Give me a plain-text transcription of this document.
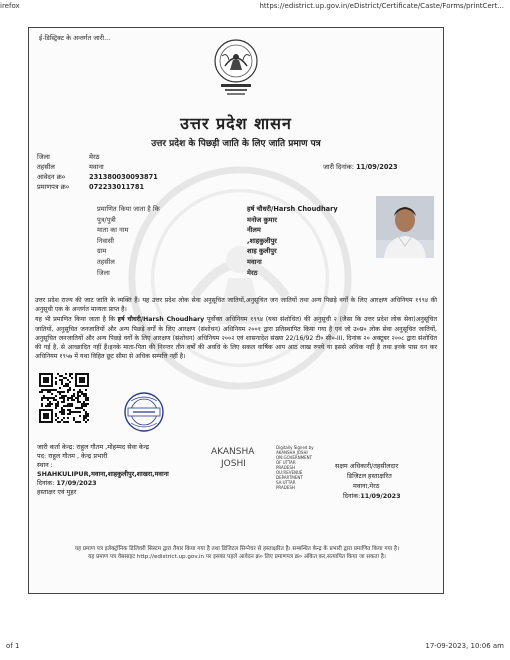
irefox	https://edistrict.up.gov.in/eDistrict/Certificate/Caste/Forms/printCert...
ई-डिस्ट्रिक्ट के अन्तर्गत जारी...
उत्तर प्रदेश शासन
उत्तर प्रदेश के पिछड़ी जाति के लिए जाति प्रमाण पत्र
जिला	मेरठ
तहसील	मवाना
आवेदन क्र०	231380030093871
प्रमाणपत्र क्र०	072233011781
जारी दिनांक: 11/09/2023
प्रमाणित किया जाता है कि	हर्ष चौधरी/Harsh Choudhary
पुत्र/पुत्री	मनोज कुमार
माता का नाम	नीलम
निवासी	,शाहकुलीपुर
ग्राम	शाह कुलीपुर
तहसील	मवाना
जिला	मेरठ

उत्तर प्रदेश राज्य की जाट जाति के व्यक्ति हैं। यह उत्तर प्रदेश लोक सेवा अनुसूचित जातियों,अनुसूचित जन जातियों तथा अन्य पिछड़े वर्गों के लिए आरक्षण अधिनियम १९९४ की अनुसूची एक के अन्तर्गत मान्यता प्राप्त है।

यह भी प्रमाणित किया जाता है कि हर्ष चौधरी/Harsh Choudhary पूर्वोक्त अधिनियम १९९४ (यथा संशोधित) की अनुसूची २ (जैसा कि उत्तर प्रदेश लोक सेवा)अनुसूचित जातियों, अनुसूचित जनजातियों और अन्य पिछड़े वर्गों के लिए आरक्षण (संशोधन) अधिनियम २००१ द्वारा प्रतिस्थापित किया गया है एवं जो उ०प्र० लोक सेवा अनुसूचित जातियों, अनुसूचित जनजातियों और अन्य पिछड़े वर्गों के लिए आरक्षण (संशोधन) अधिनियम २००२ एवं शासनादेश संख्या 22/16/92 टी० सी०-III, दिनांक २० अक्टूबर २००८ द्वारा संशोधित की गई है, से आच्छादित नहीं हैं।इनके माता-पिता की निरन्तर तीन वर्षों की अवधि के लिए सकल वार्षिक आय आठ लाख रुपये या इससे अधिक नहीं है तथा इनके पास धन कर अधिनियम १९५७ में यथा विहित छूट सीमा से अधिक सम्पत्ति नहीं है।

जारी कर्ता केन्द्र: राहुल गौतम ,मोहम्मद सेवा केन्द्र
पद: राहुल गौतम , केन्द्र प्रभारी
स्थान :
SHAHKULIPUR,मवाना,शाहकुलीपुर,शाखरा,मवाना
दिनांक: 17/09/2023
हस्ताक्षर एवं मुहर
AKANSHA
JOSHI
Digitally Signed by
AKANSHA JOSHI
ON:GOVERNMENT
OF UTTAR
PRADESH
OU:REVENUE
DEPARTMENT
SA:UTTAR
PRADESH
सक्षम अधिकारी/तहसीलदार
डिजिटल हस्ताक्षरित
मवाना,मेरठ
दिनांक:11/09/2023
यह प्रमाण पत्र इलेक्ट्रॉनिक डिलिवरी सिस्टम द्वारा तैयार किया गया है तथा डिजिटल सिग्नेचर से हस्ताक्षरित है। सम्बन्धित केन्द्र के प्रभारी द्वारा प्रमाणित किया गया है।
यह प्रमाण पत्र वेबसाइट http://edistrict.up.gov.in पर इसका पहले आवेदन क्र० लिए प्रमाणपत्र क्र० अंकित कर,सत्यापित किया जा सकता है।
of 1	17-09-2023, 10:06 am
